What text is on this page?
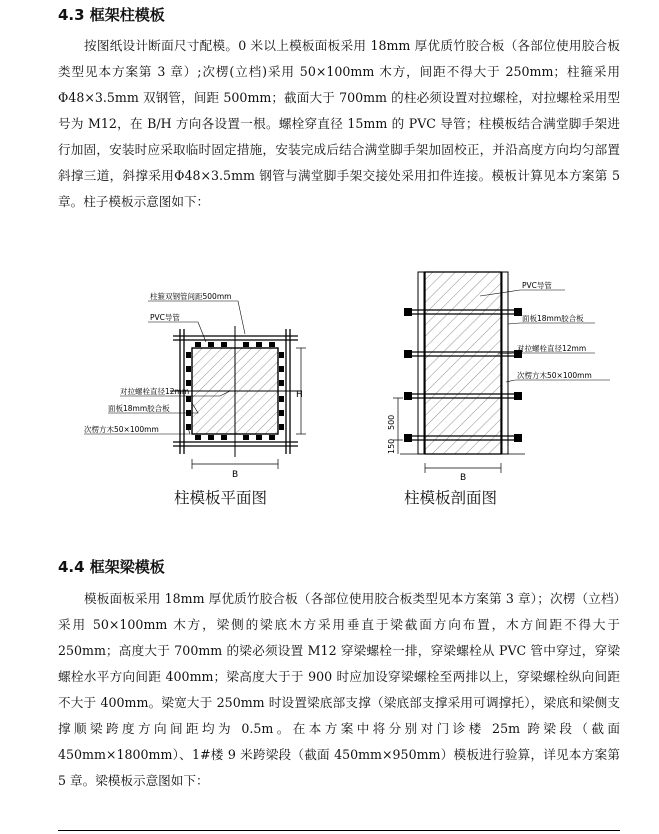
4.3 框架柱模板

按图纸设计断面尺寸配模。0 米以上模板面板采用 18mm 厚优质竹胶合板（各部位使用胶合板类型见本方案第 3 章）;次楞(立档)采用 50×100mm 木方，间距不得大于 250mm；柱箍采用Φ48×3.5mm 双钢管，间距 500mm；截面大于 700mm 的柱必须设置对拉螺栓，对拉螺栓采用型号为 M12，在 B/H 方向各设置一根。螺栓穿直径 15mm 的 PVC 导管；柱模板结合满堂脚手架进行加固，安装时应采取临时固定措施，安装完成后结合满堂脚手架加固校正，并沿高度方向均匀部置斜撑三道，斜撑采用Φ48×3.5mm 钢管与满堂脚手架交接处采用扣件连接。模板计算见本方案第 5 章。柱子模板示意图如下：

B
H
柱箍双钢管间距500mm
PVC导管
对拉螺栓直径12mm
面板18mm胶合板
次楞方木50×100mm
柱模板平面图
B
500
150
PVC导管
面板18mm胶合板
对拉螺栓直径12mm
次楞方木50×100mm
柱模板剖面图
4.4 框架梁模板

模板面板采用 18mm 厚优质竹胶合板（各部位使用胶合板类型见本方案第 3 章）；次楞（立档）采用 50×100mm 木方，梁侧的梁底木方采用垂直于梁截面方向布置，木方间距不得大于 250mm；高度大于 700mm 的梁必须设置 M12 穿梁螺栓一排，穿梁螺栓从 PVC 管中穿过，穿梁螺栓水平方向间距 400mm；梁高度大于于 900 时应加设穿梁螺栓至两排以上，穿梁螺栓纵向间距不大于 400mm。梁宽大于 250mm 时设置梁底部支撑（梁底部支撑采用可调撑托），梁底和梁侧支撑顺梁跨度方向间距均为 0.5m。在本方案中将分别对门诊楼 25m 跨梁段（截面 450mm×1800mm）、1#楼 9 米跨梁段（截面 450mm×950mm）模板进行验算，详见本方案第 5 章。梁模板示意图如下：
